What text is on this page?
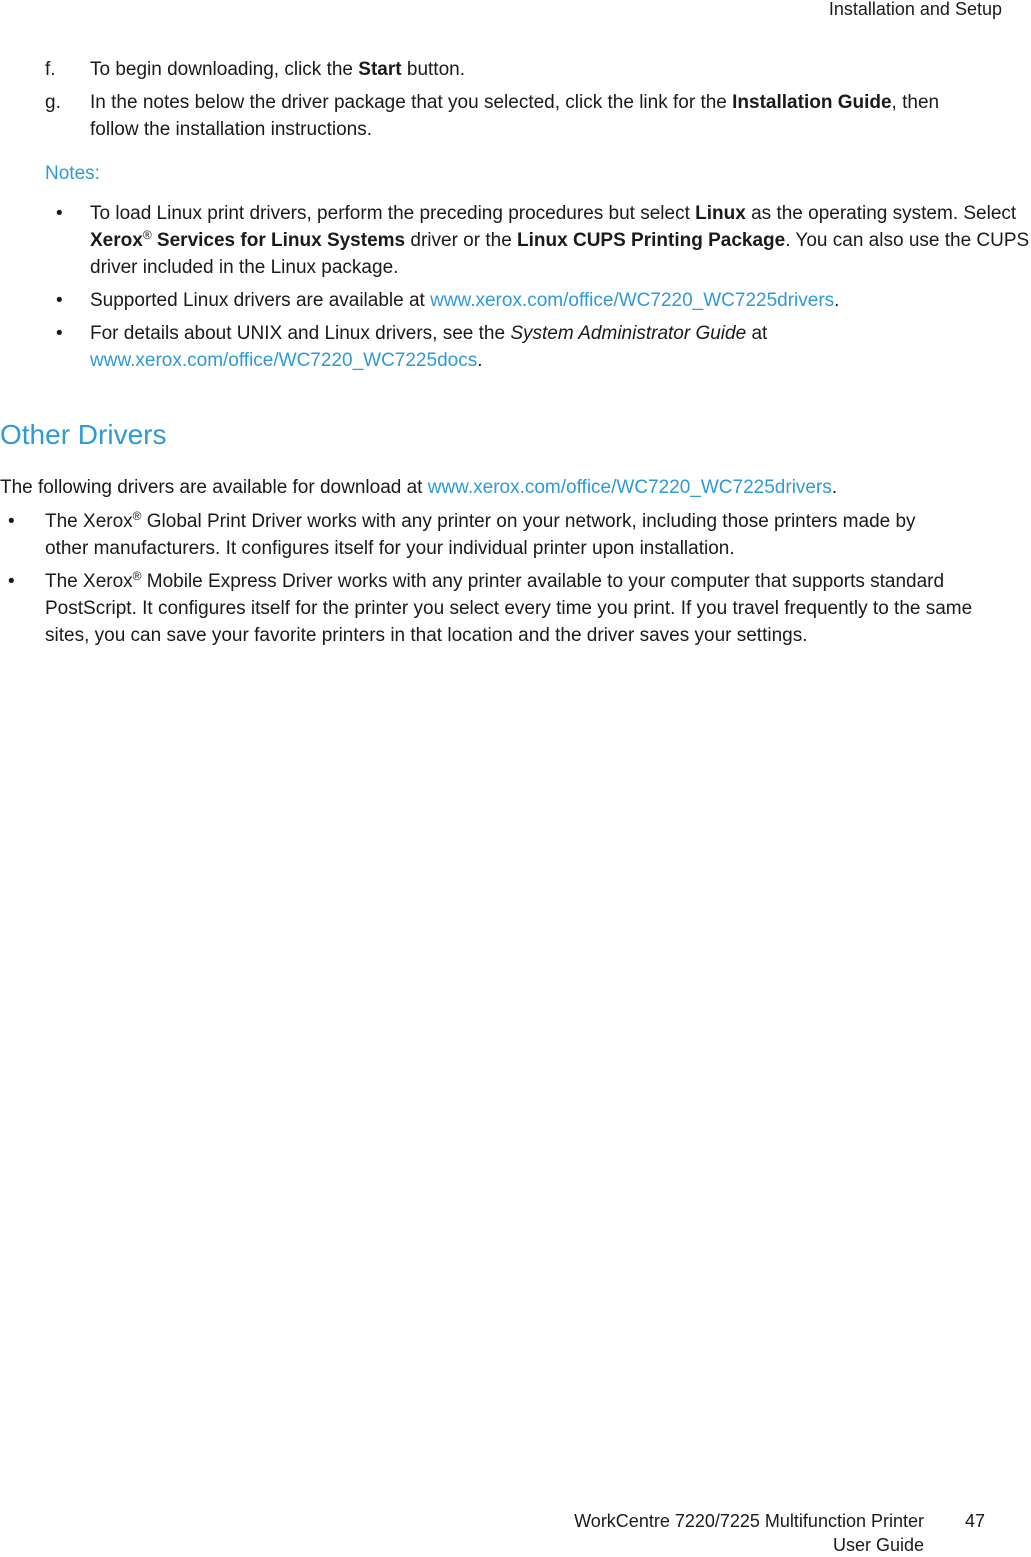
Installation and Setup
f. To begin downloading, click the Start button.
g. In the notes below the driver package that you selected, click the link for the Installation Guide, then follow the installation instructions.
Notes:
• To load Linux print drivers, perform the preceding procedures but select Linux as the operating system. Select Xerox® Services for Linux Systems driver or the Linux CUPS Printing Package. You can also use the CUPS driver included in the Linux package.
• Supported Linux drivers are available at www.xerox.com/office/WC7220_WC7225drivers.
• For details about UNIX and Linux drivers, see the System Administrator Guide at
www.xerox.com/office/WC7220_WC7225docs.
Other Drivers
The following drivers are available for download at www.xerox.com/office/WC7220_WC7225drivers.
• The Xerox® Global Print Driver works with any printer on your network, including those printers made by other manufacturers. It configures itself for your individual printer upon installation.
• The Xerox® Mobile Express Driver works with any printer available to your computer that supports standard PostScript. It configures itself for the printer you select every time you print. If you travel frequently to the same sites, you can save your favorite printers in that location and the driver saves your settings.
WorkCentre 7220/7225 Multifunction Printer
User Guide
47
